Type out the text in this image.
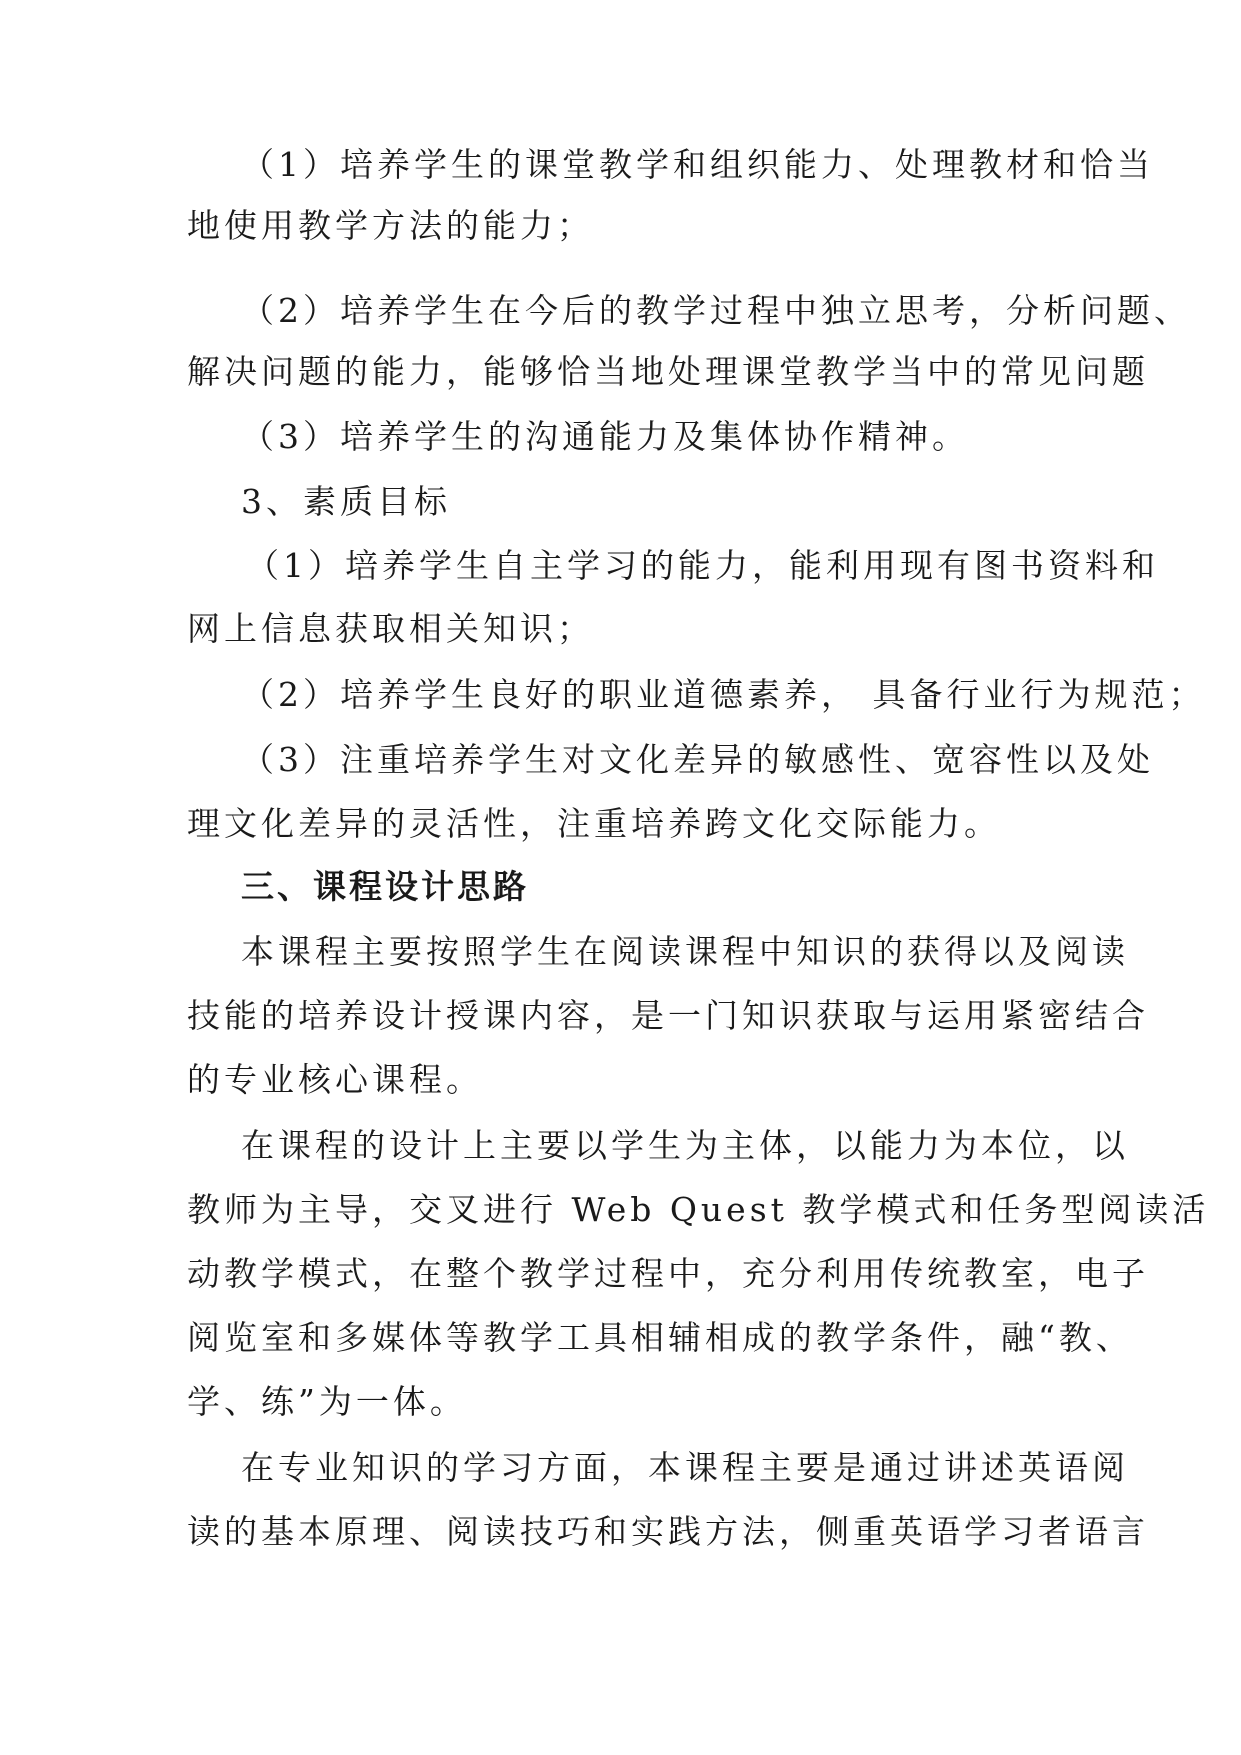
（1）培养学生的课堂教学和组织能力、处理教材和恰当
地使用教学方法的能力；
（2）培养学生在今后的教学过程中独立思考，分析问题、
解决问题的能力，能够恰当地处理课堂教学当中的常见问题
（3）培养学生的沟通能力及集体协作精神。
3、素质目标
（1）培养学生自主学习的能力，能利用现有图书资料和
网上信息获取相关知识；
（2）培养学生良好的职业道德素养， 具备行业行为规范；
（3）注重培养学生对文化差异的敏感性、宽容性以及处
理文化差异的灵活性，注重培养跨文化交际能力。
三、课程设计思路
本课程主要按照学生在阅读课程中知识的获得以及阅读
技能的培养设计授课内容，是一门知识获取与运用紧密结合
的专业核心课程。
在课程的设计上主要以学生为主体，以能力为本位，以
教师为主导，交叉进行 Web Quest 教学模式和任务型阅读活
动教学模式，在整个教学过程中，充分利用传统教室，电子
阅览室和多媒体等教学工具相辅相成的教学条件，融“教、
学、练”为一体。
在专业知识的学习方面，本课程主要是通过讲述英语阅
读的基本原理、阅读技巧和实践方法，侧重英语学习者语言
